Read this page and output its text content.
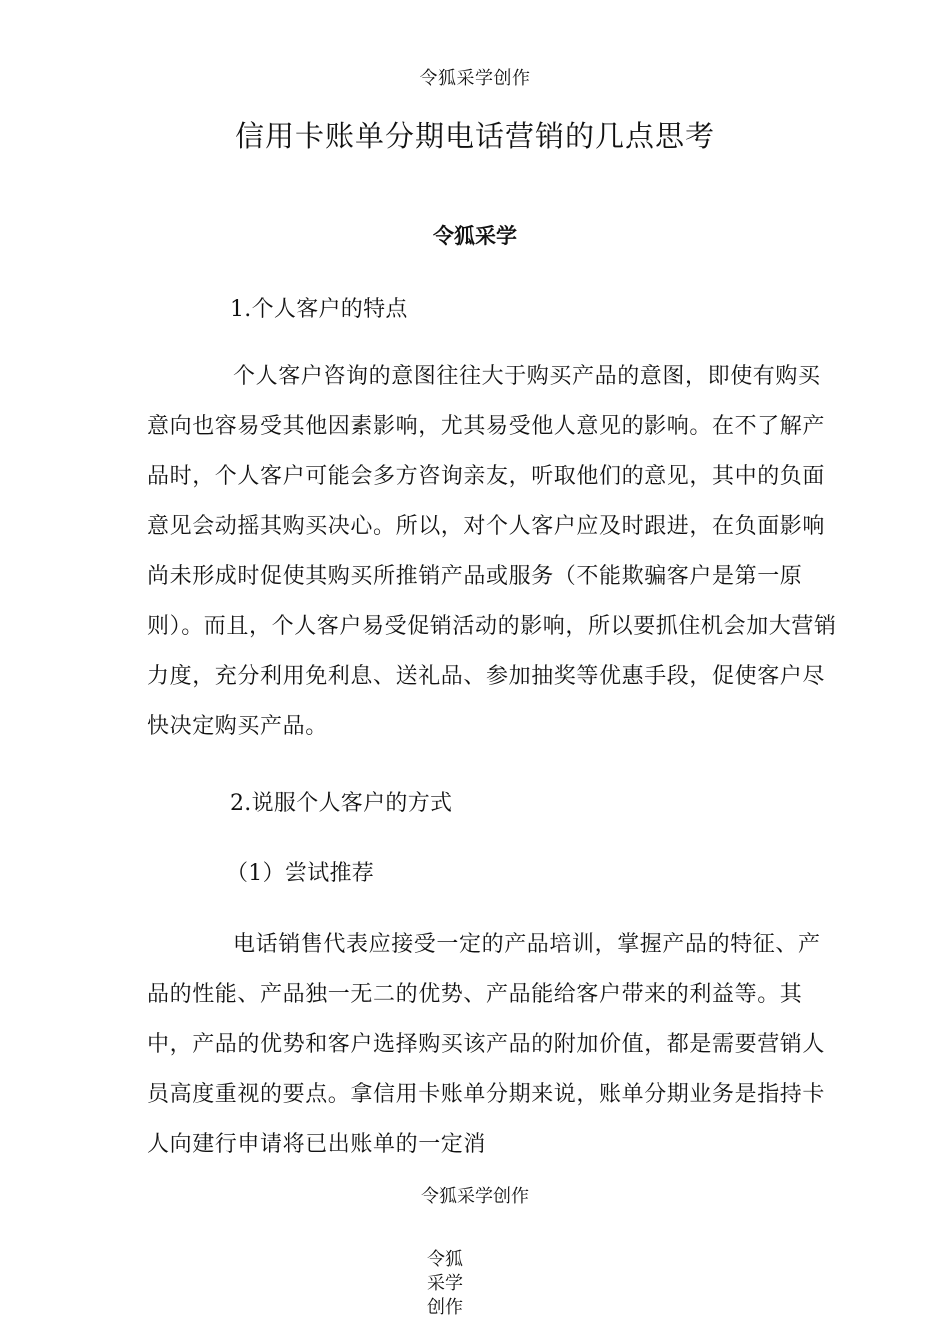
令狐采学创作
信用卡账单分期电话营销的几点思考
令狐采学
1.个人客户的特点

个人客户咨询的意图往往大于购买产品的意图，即使有购买意向也容易受其他因素影响，尤其易受他人意见的影响。在不了解产品时，个人客户可能会多方咨询亲友，听取他们的意见，其中的负面意见会动摇其购买决心。所以，对个人客户应及时跟进，在负面影响尚未形成时促使其购买所推销产品或服务（不能欺骗客户是第一原则）。而且，个人客户易受促销活动的影响，所以要抓住机会加大营销力度，充分利用免利息、送礼品、参加抽奖等优惠手段，促使客户尽快决定购买产品。

2.说服个人客户的方式
（1）尝试推荐

电话销售代表应接受一定的产品培训，掌握产品的特征、产品的性能、产品独一无二的优势、产品能给客户带来的利益等。其中，产品的优势和客户选择购买该产品的附加价值，都是需要营销人员高度重视的要点。拿信用卡账单分期来说，账单分期业务是指持卡人向建行申请将已出账单的一定消

令狐采学创作
令狐
采学
创作
